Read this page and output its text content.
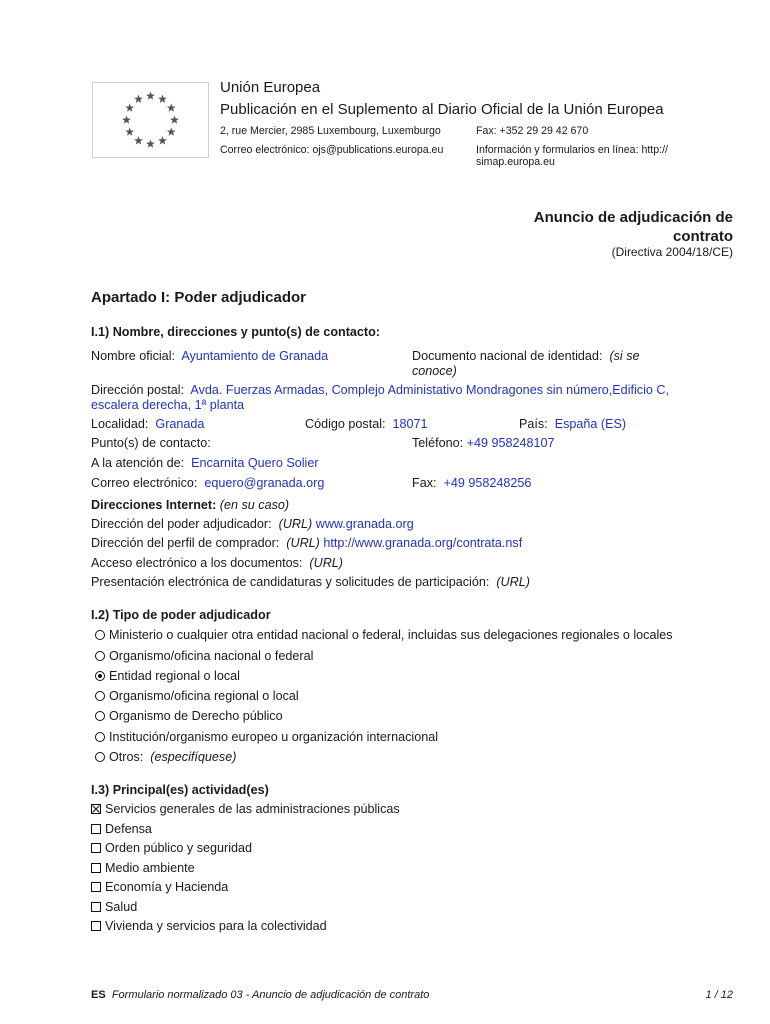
Unión Europea
Publicación en el Suplemento al Diario Oficial de la Unión Europea
2, rue Mercier, 2985 Luxembourg, Luxemburgo	Fax: +352 29 29 42 670
Correo electrónico: ojs@publications.europa.eu	Información y formularios en línea: http://
simap.europa.eu
Anuncio de adjudicación de
contrato
(Directiva 2004/18/CE)
Apartado I: Poder adjudicador
I.1) Nombre, direcciones y punto(s) de contacto:
Nombre oficial: Ayuntamiento de Granada	Documento nacional de identidad: (si se
conoce)
Dirección postal: Avda. Fuerzas Armadas, Complejo Administativo Mondragones sin número,Edificio C,
escalera derecha, 1ª planta
Localidad: Granada	Código postal: 18071	País: España (ES)
Punto(s) de contacto:	Teléfono: +49 958248107
A la atención de: Encarnita Quero Solier
Correo electrónico: equero@granada.org	Fax: +49 958248256
Direcciones Internet: (en su caso)
Dirección del poder adjudicador: (URL) www.granada.org
Dirección del perfil de comprador: (URL) http://www.granada.org/contrata.nsf
Acceso electrónico a los documentos: (URL)
Presentación electrónica de candidaturas y solicitudes de participación: (URL)
I.2) Tipo de poder adjudicador
Ministerio o cualquier otra entidad nacional o federal, incluidas sus delegaciones regionales o locales
Organismo/oficina nacional o federal
Entidad regional o local
Organismo/oficina regional o local
Organismo de Derecho público
Institución/organismo europeo u organización internacional
Otros: (especifíquese)
I.3) Principal(es) actividad(es)
Servicios generales de las administraciones públicas
Defensa
Orden público y seguridad
Medio ambiente
Economía y Hacienda
Salud
Vivienda y servicios para la colectividad
ES Formulario normalizado 03 - Anuncio de adjudicación de contrato	1 / 12
